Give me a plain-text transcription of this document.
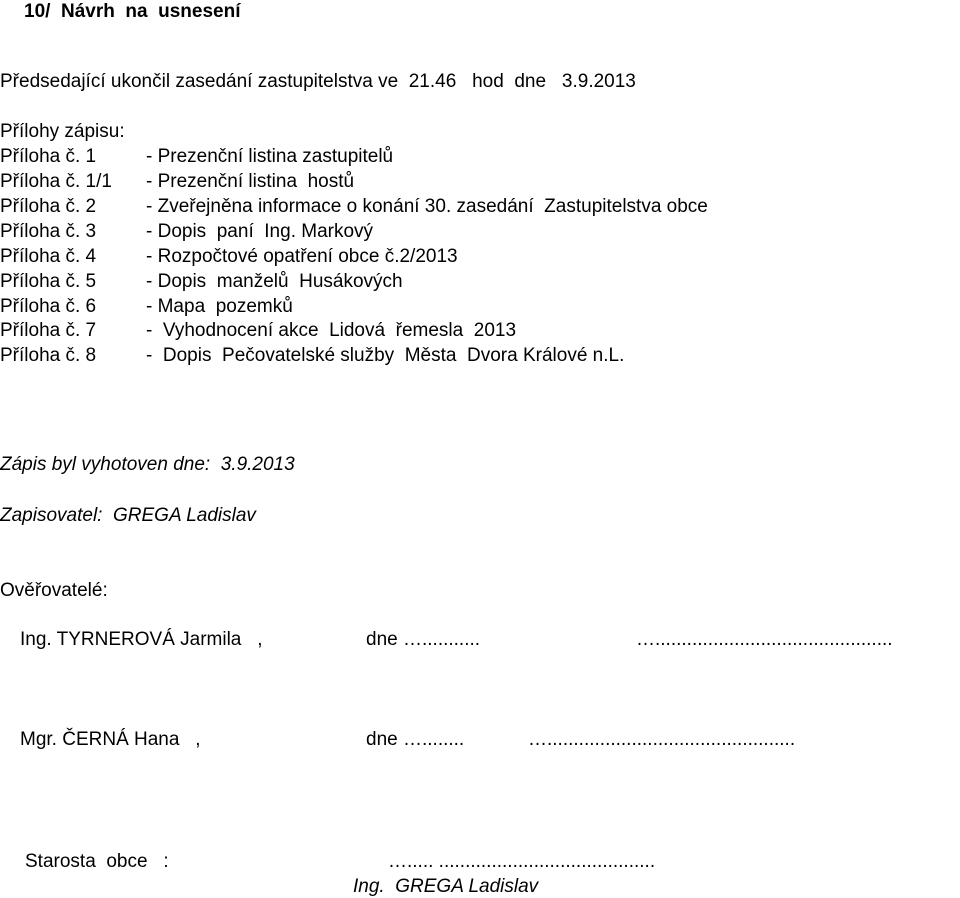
10/  Návrh  na  usnesení

Předsedající ukončil zasedání zastupitelstva ve  21.46   hod  dne   3.9.2013

Přílohy zápisu:

Příloha č. 1	- Prezenční listina zastupitelů

Příloha č. 1/1 - Prezenční listina  hostů

Příloha č. 2	- Zveřejněna informace o konání 30. zasedání  Zastupitelstva obce

Příloha č. 3	- Dopis  paní  Ing. Markový

Příloha č. 4	- Rozpočtové opatření obce č.2/2013

Příloha č. 5	- Dopis  manželů  Husákových

Příloha č. 6	- Mapa  pozemků

Příloha č. 7	-  Vyhodnocení akce  Lidová  řemesla  2013

Příloha č. 8	-  Dopis  Pečovatelské služby  Města  Dvora Králové n.L.

Zápis byl vyhotoven dne:  3.9.2013

Zapisovatel:  GREGA Ladislav

Ověřovatelé:

Ing. TYRNEROVÁ Jarmila   ,	dne …...........	….............................................

Mgr. ČERNÁ Hana   ,	dne …........	…...............................................

Starosta  obce   :	…..... .........................................

Ing.  GREGA Ladislav
